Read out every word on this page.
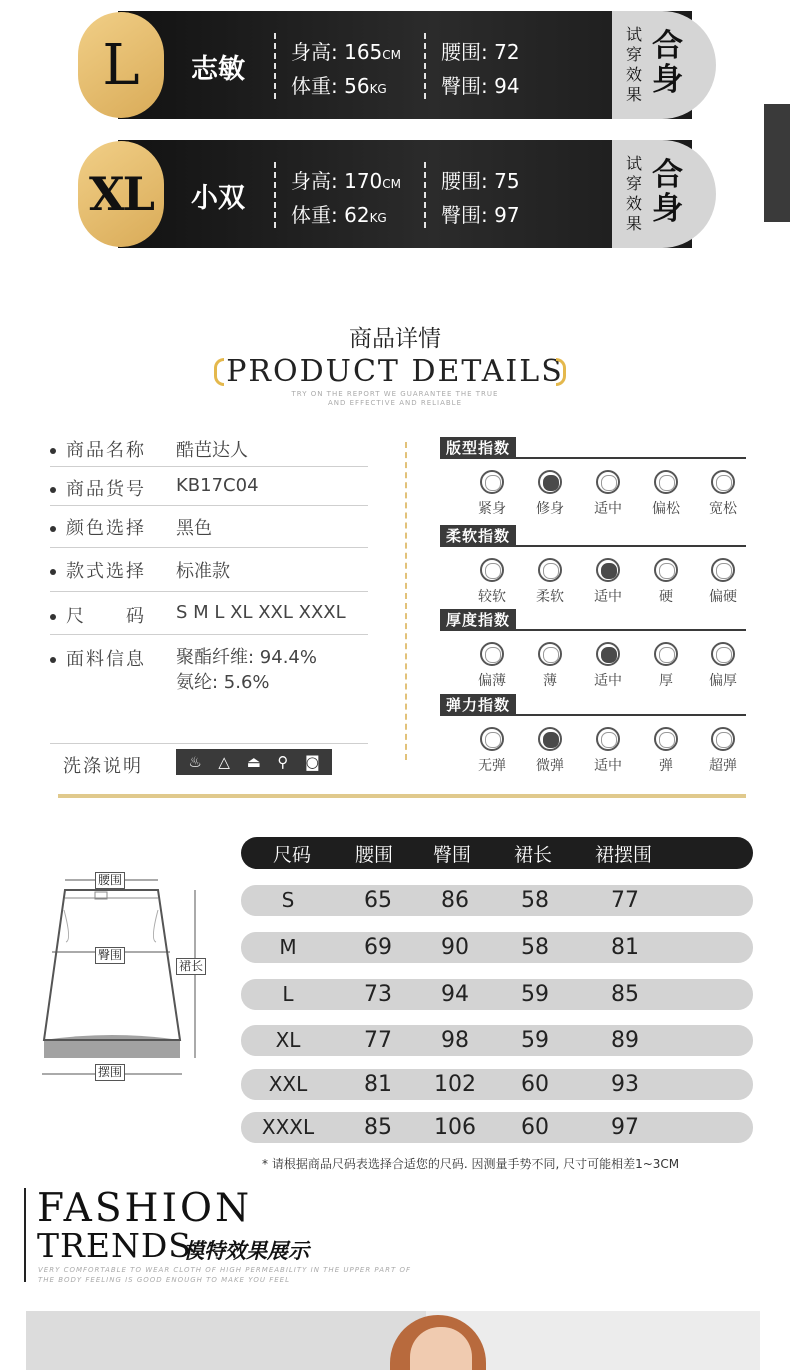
L	志敏
身高: 165CM
体重: 56KG
腰围: 72
臀围: 94
试穿效果
合身
XL	小双
身高: 170CM
体重: 62KG
腰围: 75
臀围: 97
试穿效果
合身
商品详情
PRODUCT DETAILS
TRY ON THE REPORT WE GUARANTEE THE TRUE
AND EFFECTIVE AND RELIABLE
商品名称 酷芭达人
商品货号 KB17C04
颜色选择 黑色
款式选择 标准款
尺　　码 S M L XL XXL XXXL
面料信息 聚酯纤维: 94.4%
氨纶: 5.6%
洗涤说明	♨ △ ⏏ ⚲ ◙
版型指数
紧身	修身	适中	偏松	宽松
柔软指数
较软	柔软	适中	硬	偏硬
厚度指数
偏薄	薄	适中	厚	偏厚
弹力指数
无弹	微弹	适中	弹	超弹
腰围
臀围
裙长
摆围
尺码 腰围 臀围 裙长 裙摆围
S	65	86	58	77
M	69	90	58	81
L	73	94	59	85
XL	77	98	59	89
XXL	81	102	60	93
XXXL	85	106	60	97
* 请根据商品尺码表选择合适您的尺码. 因测量手势不同, 尺寸可能相差1~3CM
FASHION
TRENDS
模特效果展示
VERY COMFORTABLE TO WEAR CLOTH OF HIGH PERMEABILITY IN THE UPPER PART OF
THE BODY FEELING IS GOOD ENOUGH TO MAKE YOU FEEL
